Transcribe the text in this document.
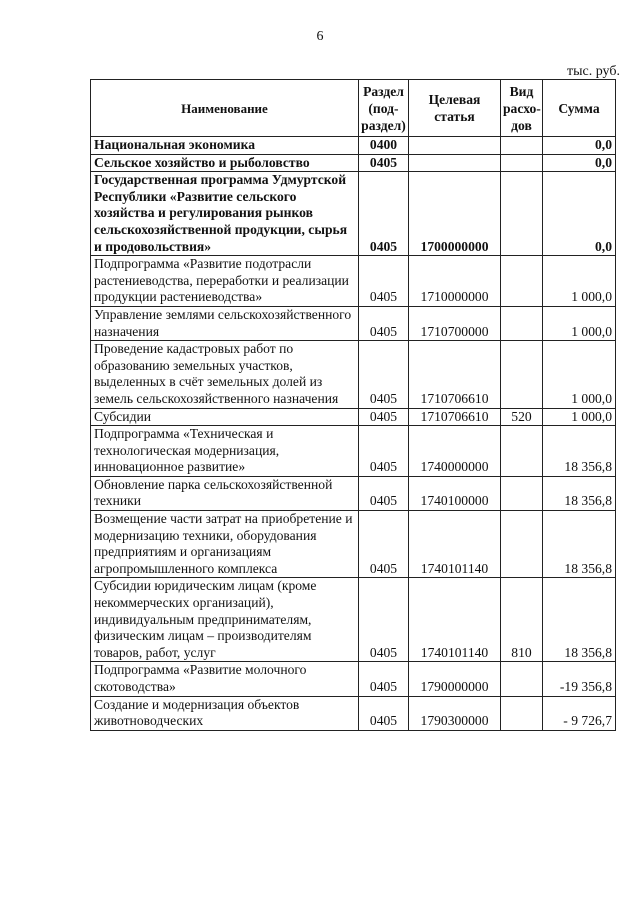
6
тыс. руб.
Наименование	Раздел (под-раздел)	Целевая статья	Вид расхо-дов	Сумма
Национальная экономика	0400			0,0
Сельское хозяйство и рыболовство	0405			0,0
Государственная программа Удмуртской Республики «Развитие сельского хозяйства и регулирования рынков сельскохозяйственной продукции, сырья и продовольствия»	0405	1700000000		0,0
Подпрограмма «Развитие подотрасли растениеводства, переработки и реализации продукции растениеводства»	0405	1710000000		1 000,0
Управление землями сельскохозяйственного назначения	0405	1710700000		1 000,0
Проведение кадастровых работ по образованию земельных участков, выделенных в счёт земельных долей из земель сельскохозяйственного назначения	0405	1710706610		1 000,0
Субсидии	0405	1710706610	520	1 000,0
Подпрограмма «Техническая и технологическая модернизация, инновационное развитие»	0405	1740000000		18 356,8
Обновление парка сельскохозяйственной техники	0405	1740100000		18 356,8
Возмещение части затрат на приобретение и модернизацию техники, оборудования предприятиям и организациям агропромышленного комплекса	0405	1740101140		18 356,8
Субсидии юридическим лицам (кроме некоммерческих организаций), индивидуальным предпринимателям, физическим лицам – производителям товаров, работ, услуг	0405	1740101140	810	18 356,8
Подпрограмма «Развитие молочного скотоводства»	0405	1790000000		-19 356,8
Создание и модернизация объектов животноводческих	0405	1790300000		- 9 726,7
